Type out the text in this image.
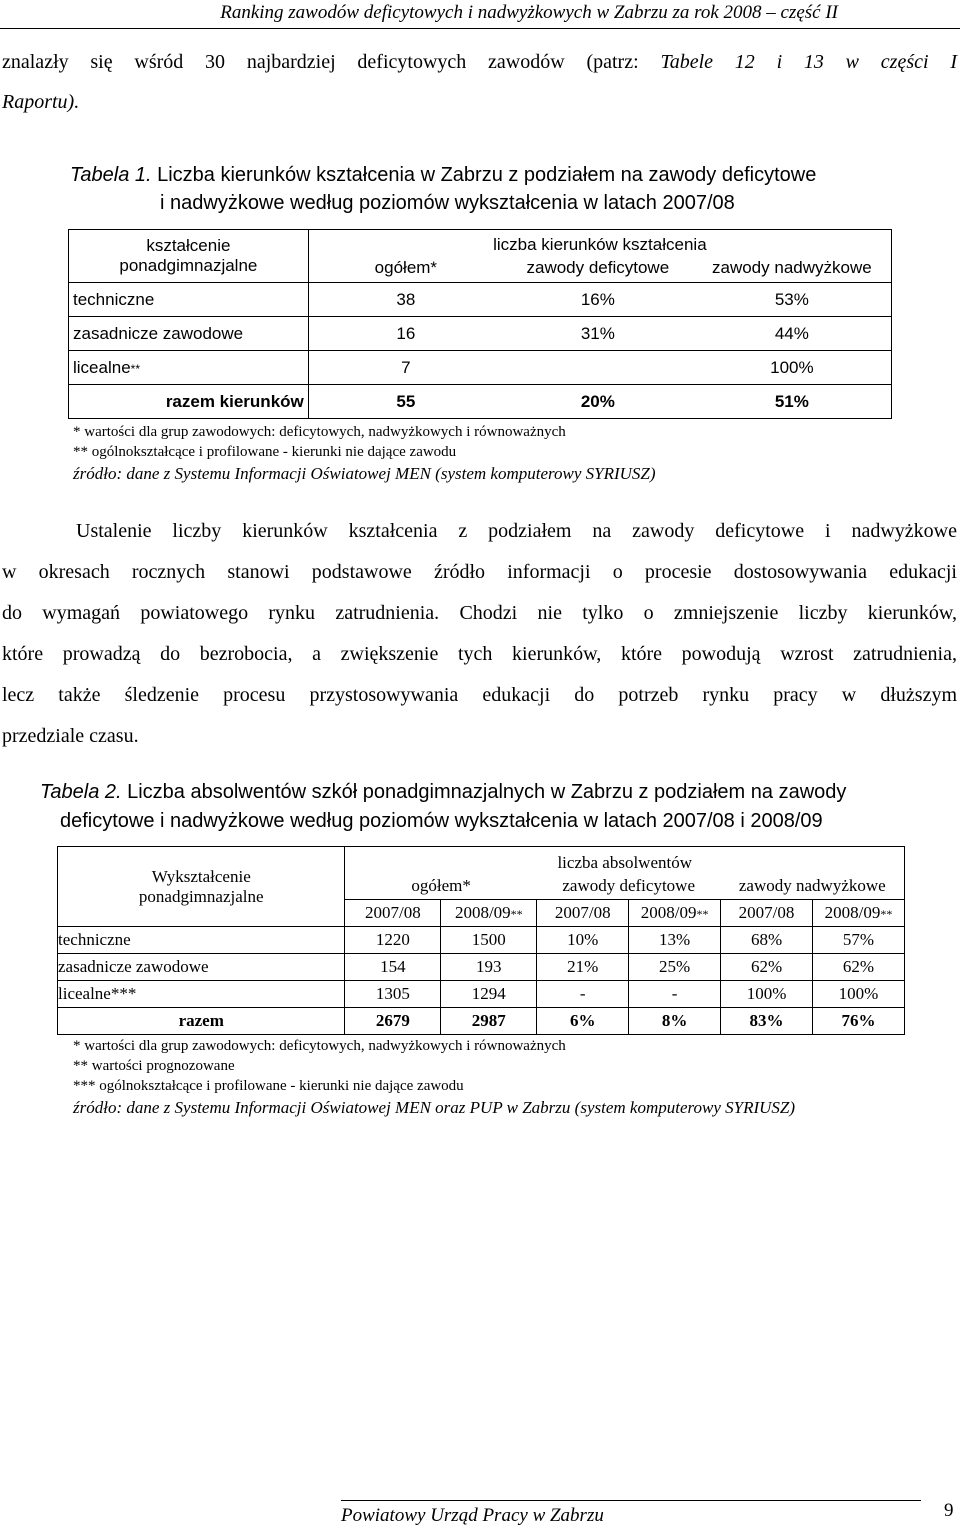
Ranking zawodów deficytowych i nadwyżkowych w Zabrzu za rok 2008 – część II
znalazły się wśród 30 najbardziej deficytowych zawodów (patrz: Tabele 12 i 13 w części I
Raportu).
Tabela 1. Liczba kierunków kształcenia w Zabrzu z podziałem na zawody deficytowe
i nadwyżkowe według poziomów wykształcenia w latach 2007/08
kształcenie
ponadgimnazjalne	liczba kierunków kształcenia		
	ogółem*	zawody deficytowe	zawody nadwyżkowe
techniczne	38	16%	53%
zasadnicze zawodowe	16	31%	44%
licealne**	7		100%
razem kierunków	55	20%	51%
* wartości dla grup zawodowych: deficytowych, nadwyżkowych i równoważnych
** ogólnokształcące i profilowane - kierunki nie dające zawodu
źródło: dane z Systemu Informacji Oświatowej MEN (system komputerowy SYRIUSZ)
Ustalenie liczby kierunków kształcenia z podziałem na zawody deficytowe i nadwyżkowe
w okresach rocznych stanowi podstawowe źródło informacji o procesie dostosowywania edukacji
do wymagań powiatowego rynku zatrudnienia. Chodzi nie tylko o zmniejszenie liczby kierunków,
które prowadzą do bezrobocia, a zwiększenie tych kierunków, które powodują wzrost zatrudnienia,
lecz także śledzenie procesu przystosowywania edukacji do potrzeb rynku pracy w dłuższym
przedziale czasu.
Tabela 2. Liczba absolwentów szkół ponadgimnazjalnych w Zabrzu z podziałem na zawody
deficytowe i nadwyżkowe według poziomów wykształcenia w latach 2007/08 i 2008/09
Wykształcenie
ponadgimnazjalne	liczba absolwentów					
	ogółem*		zawody deficytowe		zawody nadwyżkowe	
	2007/08	2008/09**	2007/08	2008/09**	2007/08	2008/09**
techniczne	1220	1500	10%	13%	68%	57%
zasadnicze zawodowe	154	193	21%	25%	62%	62%
licealne***	1305	1294	-	-	100%	100%
razem	2679	2987	6%	8%	83%	76%
* wartości dla grup zawodowych: deficytowych, nadwyżkowych i równoważnych
** wartości prognozowane
*** ogólnokształcące i profilowane - kierunki nie dające zawodu
źródło: dane z Systemu Informacji Oświatowej MEN oraz PUP w Zabrzu (system komputerowy SYRIUSZ)
Powiatowy Urząd Pracy w Zabrzu	9
